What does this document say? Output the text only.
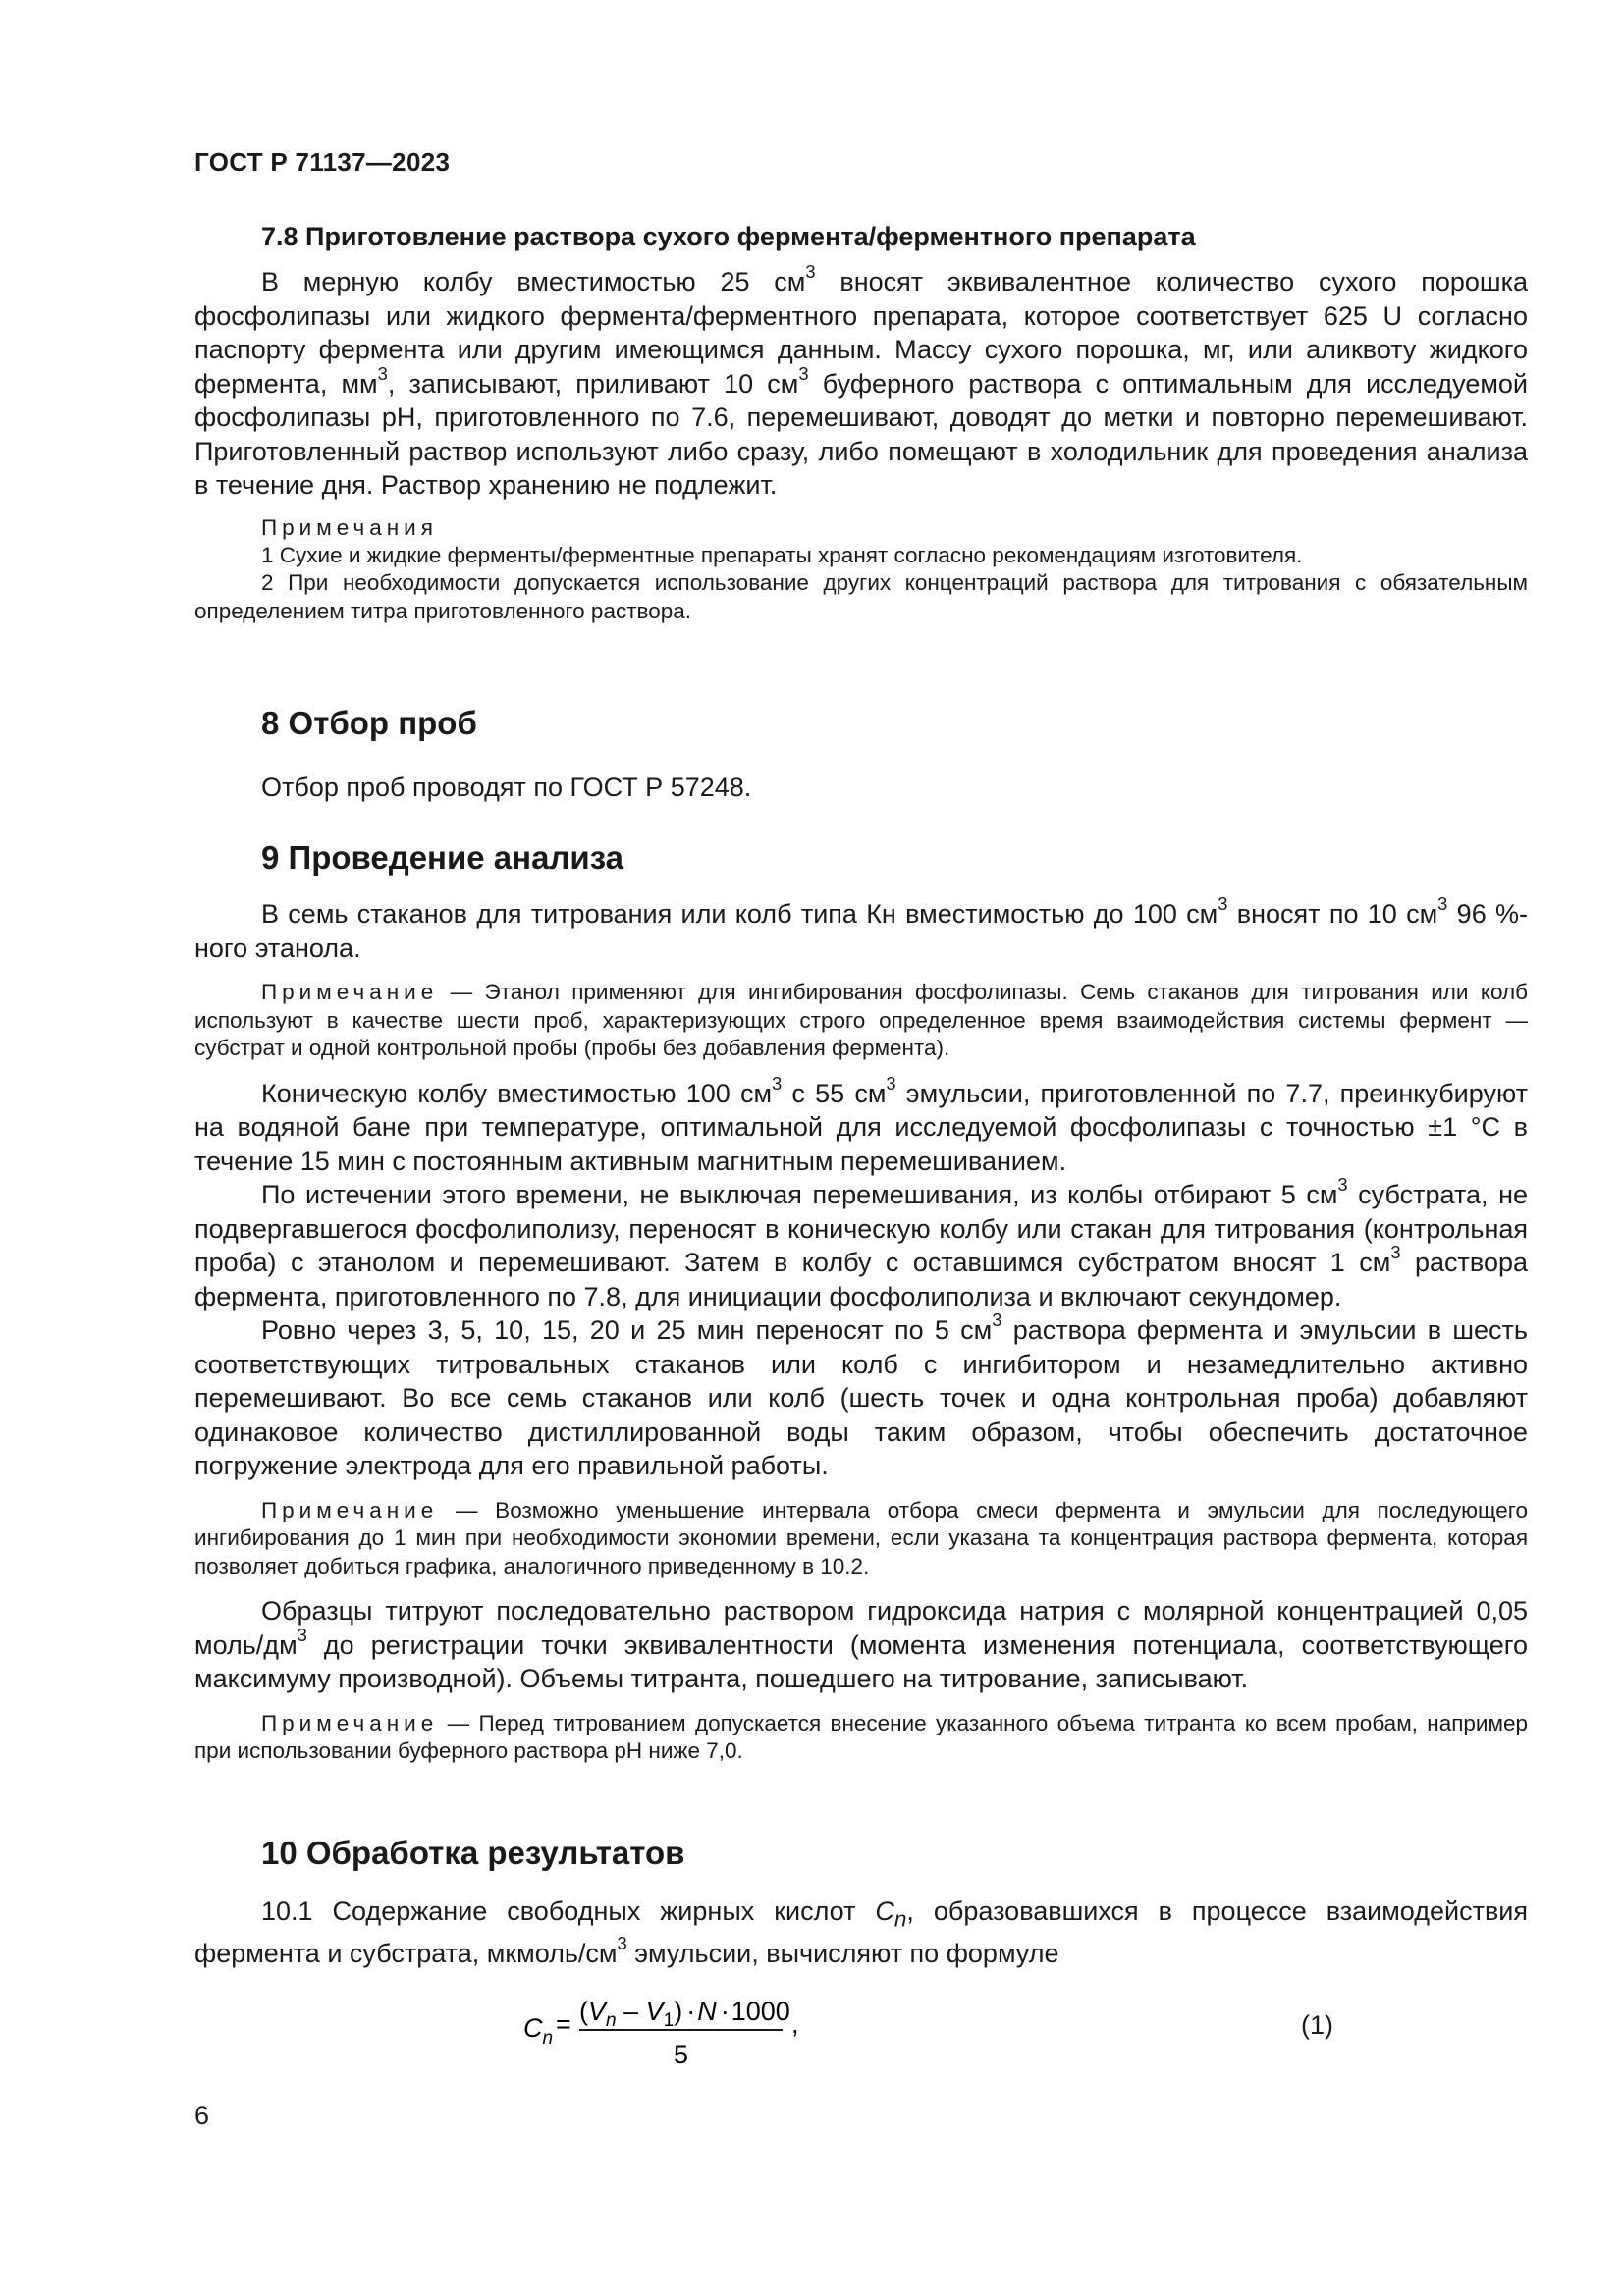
ГОСТ Р 71137—2023

7.8 Приготовление раствора сухого фермента/ферментного препарата

В мерную колбу вместимостью 25 $см^3$ вносят эквивалентное количество сухого порошка фосфолипазы или жидкого фермента/ферментного препарата, которое соответствует 625 U согласно паспорту фермента или другим имеющимся данным. Массу сухого порошка, мг, или аликвоту жидкого фермента, $мм^3$, записывают, приливают 10 $см^3$ буферного раствора с оптимальным для исследуемой фосфолипазы pH, приготовленного по 7.6, перемешивают, доводят до метки и повторно перемешивают. Приготовленный раствор используют либо сразу, либо помещают в холодильник для проведения анализа в течение дня. Раствор хранению не подлежит.

Примечания

1 Сухие и жидкие ферменты/ферментные препараты хранят согласно рекомендациям изготовителя.

2 При необходимости допускается использование других концентраций раствора для титрования с обязательным определением титра приготовленного раствора.

8 Отбор проб

Отбор проб проводят по ГОСТ Р 57248.

9 Проведение анализа

В семь стаканов для титрования или колб типа Кн вместимостью до 100 $см^3$ вносят по 10 $см^3$ 96 %-ного этанола.

Примечание — Этанол применяют для ингибирования фосфолипазы. Семь стаканов для титрования или колб используют в качестве шести проб, характеризующих строго определенное время взаимодействия системы фермент — субстрат и одной контрольной пробы (пробы без добавления фермента).

Коническую колбу вместимостью 100 $см^3$ с 55 $см^3$ эмульсии, приготовленной по 7.7, преинкубируют на водяной бане при температуре, оптимальной для исследуемой фосфолипазы с точностью ±1 °С в течение 15 мин с постоянным активным магнитным перемешиванием.

По истечении этого времени, не выключая перемешивания, из колбы отбирают 5 $см^3$ субстрата, не подвергавшегося фосфолиполизу, переносят в коническую колбу или стакан для титрования (контрольная проба) с этанолом и перемешивают. Затем в колбу с оставшимся субстратом вносят 1 $см^3$ раствора фермента, приготовленного по 7.8, для инициации фосфолиполиза и включают секундомер.

Ровно через 3, 5, 10, 15, 20 и 25 мин переносят по 5 $см^3$ раствора фермента и эмульсии в шесть соответствующих титровальных стаканов или колб с ингибитором и незамедлительно активно перемешивают. Во все семь стаканов или колб (шесть точек и одна контрольная проба) добавляют одинаковое количество дистиллированной воды таким образом, чтобы обеспечить достаточное погружение электрода для его правильной работы.

Примечание — Возможно уменьшение интервала отбора смеси фермента и эмульсии для последующего ингибирования до 1 мин при необходимости экономии времени, если указана та концентрация раствора фермента, которая позволяет добиться графика, аналогичного приведенному в 10.2.

Образцы титруют последовательно раствором гидроксида натрия с молярной концентрацией 0,05 моль/$дм^3$ до регистрации точки эквивалентности (момента изменения потенциала, соответствующего максимуму производной). Объемы титранта, пошедшего на титрование, записывают.

Примечание — Перед титрованием допускается внесение указанного объема титранта ко всем пробам, например при использовании буферного раствора pH ниже 7,0.

10 Обработка результатов

10.1 Содержание свободных жирных кислот $C_n$, образовавшихся в процессе взаимодействия фермента и субстрата, мкмоль/$см^3$ эмульсии, вычисляют по формуле

$C_n = (V_n - V_1) \cdot N \cdot 1000$
5
,	(1)
6
